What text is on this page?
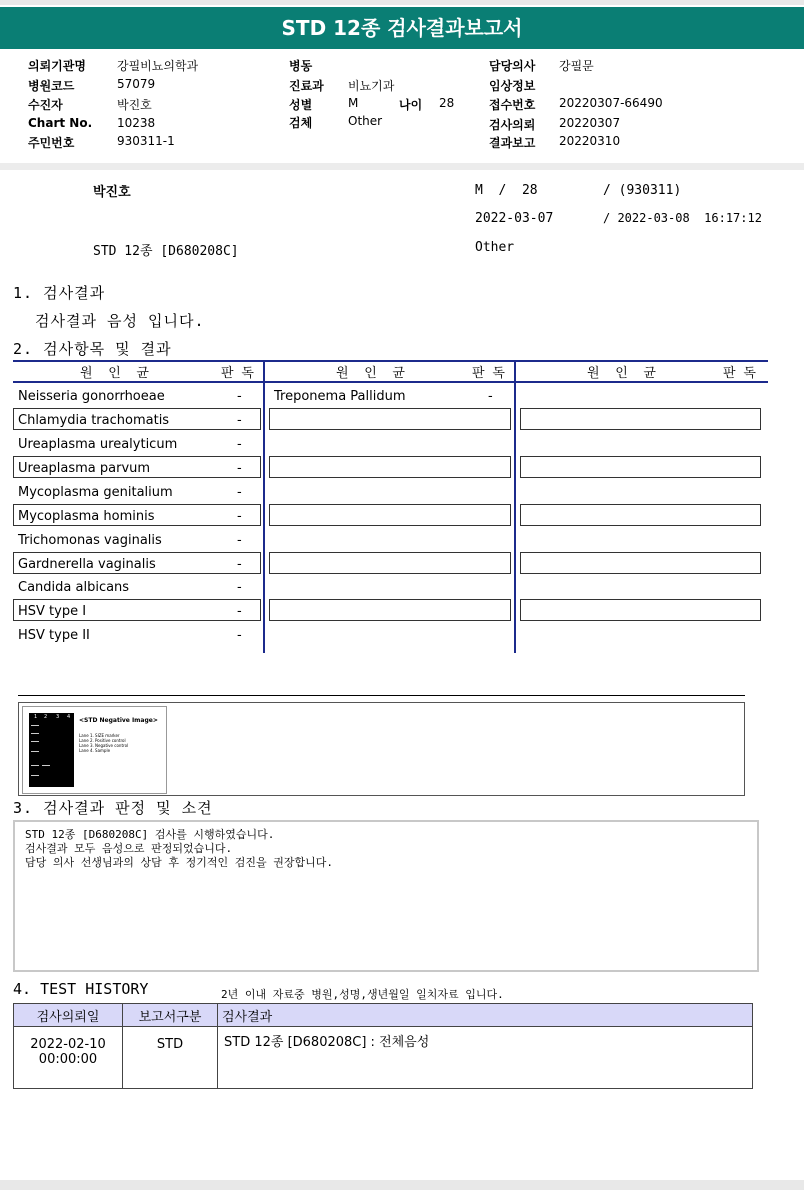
STD 12종 검사결과보고서
의뢰기관명	강필비뇨의학과
병원코드	57079
수진자	박진호
Chart No. 10238
주민번호	930311-1
병동
진료과 비뇨기과
성별	M	나이 28
검체	Other
담당의사 강필문
임상정보
접수번호 20220307-66490
검사의뢰 20220307
결과보고 20220310
박진호	M  /  28	/ (930311)
2022-03-07	/ 2022-03-08  16:17:12
STD 12종 [D680208C]	Other
1. 검사결과
검사결과 음성 입니다.
2. 검사항목 및 결과
원  인  균	판 독	원  인  균	판 독	원  인  균	판 독
Neisseria gonorrhoeae	-
Chlamydia trachomatis	-
Ureaplasma urealyticum	-
Ureaplasma parvum	-
Mycoplasma genitalium	-
Mycoplasma hominis	-
Trichomonas vaginalis	-
Gardnerella vaginalis	-
Candida albicans	-
HSV type I	-
HSV type II	-
Treponema Pallidum	-
1 2 3 4 <STD Negative Image>
Lane 1. SIZE marker
Lane 2. Positive control
Lane 3. Negative control
Lane 4. Sample
3. 검사결과 판정 및 소견
STD 12종 [D680208C] 검사를 시행하였습니다.
검사결과 모두 음성으로 판정되었습니다.
담당 의사 선생님과의 상담 후 정기적인 검진을 권장합니다.
4. TEST HISTORY	2년 이내 자료중 병원,성명,생년월일 일치자료 입니다.
검사의뢰일	보고서구분	검사결과

2022-02-10
00:00:00	STD	STD 12종 [D680208C] : 전체음성
